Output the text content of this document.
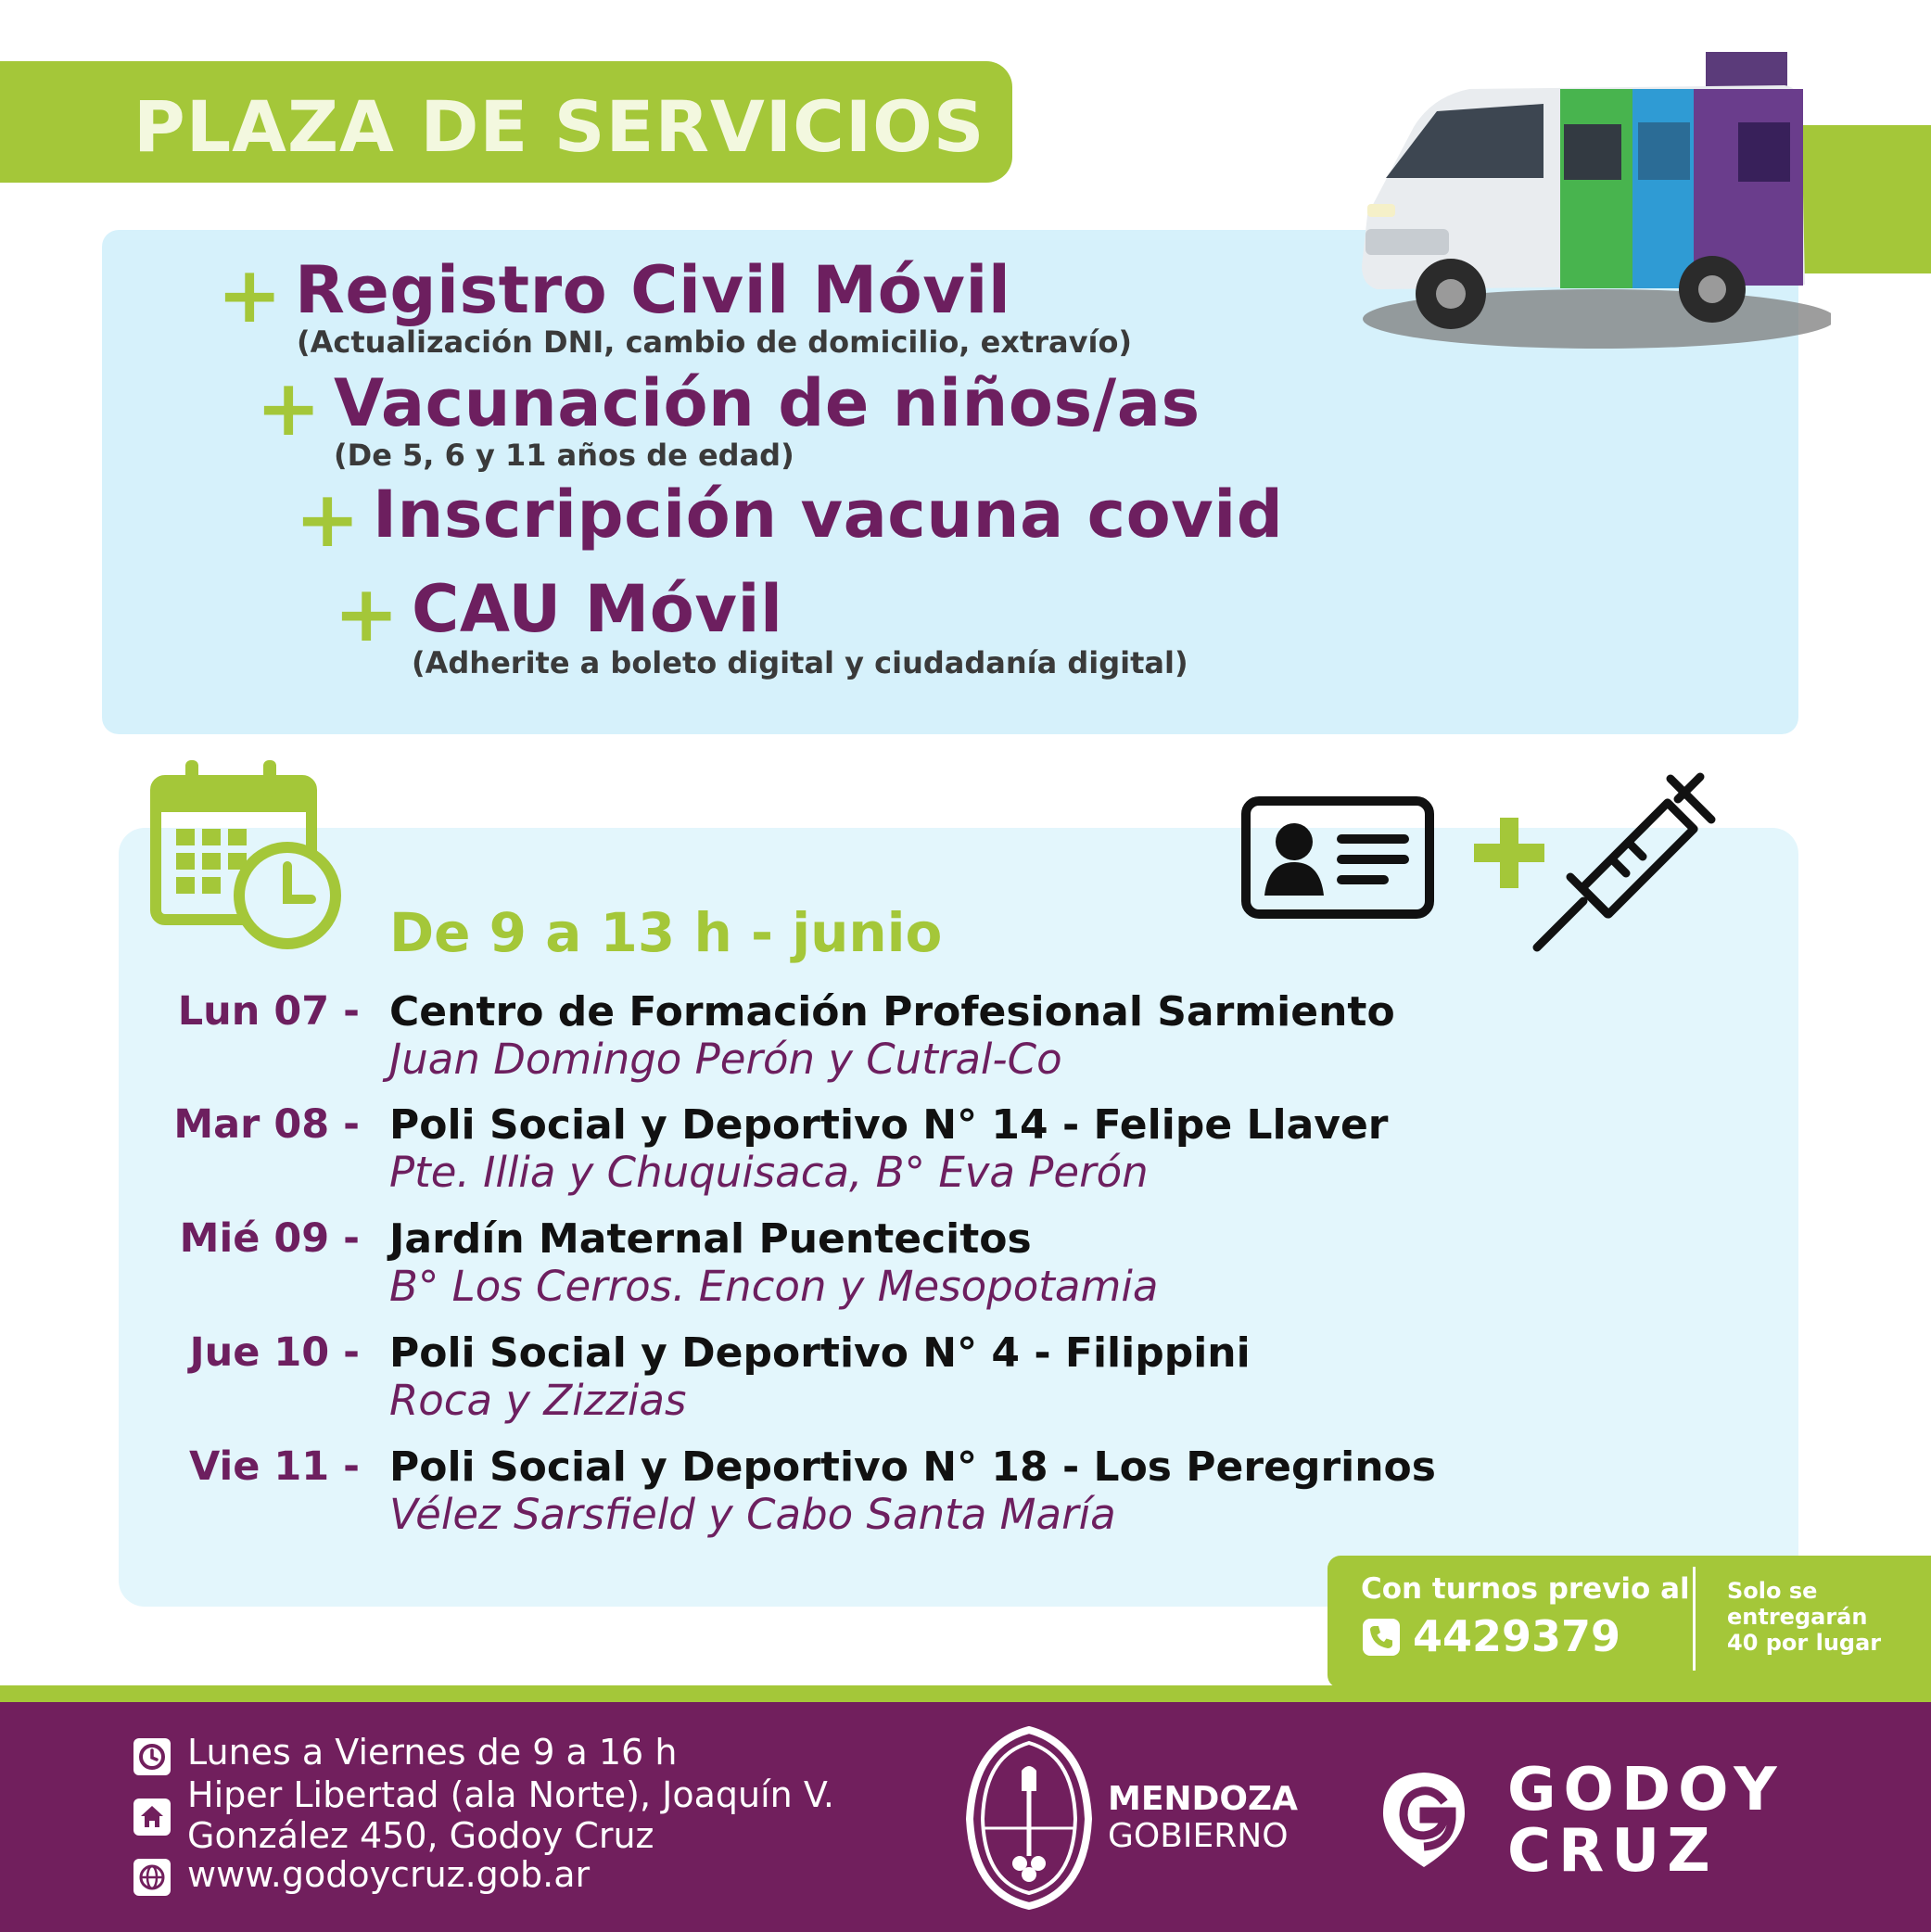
PLAZA DE SERVICIOS
+ Registro Civil Móvil
(Actualización DNI, cambio de domicilio, extravío)
+ Vacunación de niños/as
(De 5, 6 y 11 años de edad)
+ Inscripción vacuna covid
+ CAU Móvil
(Adherite a boleto digital y ciudadanía digital)
De 9 a 13 h - junio
Lun 07 - Centro de Formación Profesional Sarmiento
Juan Domingo Perón y Cutral-Co
Mar 08 - Poli Social y Deportivo N° 14 - Felipe Llaver
Pte. Illia y Chuquisaca, B° Eva Perón
Mié 09 - Jardín Maternal Puentecitos
B° Los Cerros. Encon y Mesopotamia
Jue 10 - Poli Social y Deportivo N° 4 - Filippini
Roca y Zizzias
Vie 11 - Poli Social y Deportivo N° 18 - Los Peregrinos
Vélez Sarsfield y Cabo Santa María
Con turnos previo al
4429379
Solo se
entregarán
40 por lugar
Lunes a Viernes de 9 a 16 h
Hiper Libertad (ala Norte), Joaquín V.
González 450, Godoy Cruz
www.godoycruz.gob.ar
MENDOZA
GOBIERNO
GODOY
CRUZ
